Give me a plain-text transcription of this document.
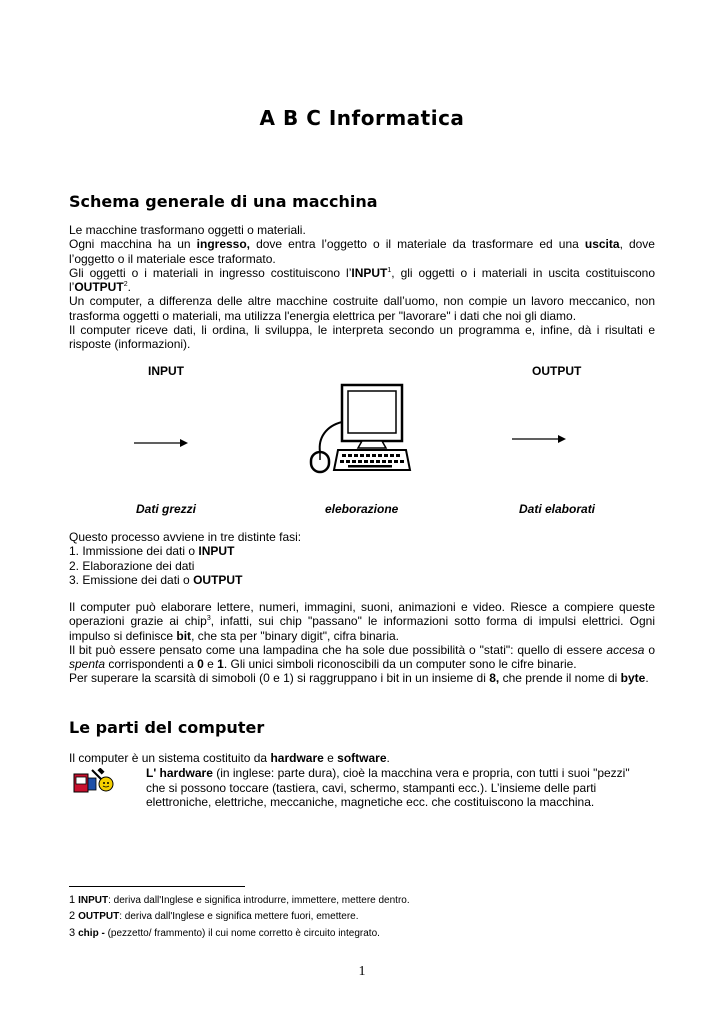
A B C Informatica
Schema generale di una macchina

Le macchine trasformano oggetti o materiali.

Ogni macchina ha un ingresso, dove entra l’oggetto o il materiale da trasformare ed una uscita, dove l’oggetto o il materiale esce traformato.

Gli oggetti o i materiali in ingresso costituiscono l’INPUT$^1$, gli oggetti o i materiali in uscita costituiscono l’OUTPUT$^2$.

Un computer, a differenza delle altre macchine costruite dall’uomo, non compie un lavoro meccanico, non trasforma oggetti o materiali, ma utilizza l'energia elettrica per "lavorare" i dati che noi gli diamo.

Il computer riceve dati, li ordina, li sviluppa, le interpreta secondo un programma e, infine, dà i risultati e risposte (informazioni).

INPUT	OUTPUT
Dati grezzi	eleborazione	Dati elaborati

Questo processo avviene in tre distinte fasi:

1. Immissione dei dati o INPUT

2. Elaborazione dei dati

3. Emissione dei dati o OUTPUT

Il computer può elaborare lettere, numeri, immagini, suoni, animazioni e video. Riesce a compiere queste operazioni grazie ai chip$^3$, infatti, sui chip "passano" le informazioni sotto forma di impulsi elettrici. Ogni impulso si definisce bit, che sta per "binary digit", cifra binaria.

Il bit può essere pensato come una lampadina che ha sole due possibilità o "stati": quello di essere accesa o spenta corrispondenti a 0 e 1. Gli unici simboli riconoscibili da un computer sono le cifre binarie.

Per superare la scarsità di simoboli (0 e 1) si raggruppano i bit in un insieme di 8, che prende il nome di byte.

Le parti del computer

Il computer è un sistema costituito da hardware e software.

L' hardware (in inglese: parte dura), cioè la macchina vera e propria, con tutti i suoi "pezzi" che si possono toccare (tastiera, cavi, schermo, stampanti ecc.). L’insieme delle parti elettroniche, elettriche, meccaniche, magnetiche ecc. che costituiscono la macchina.

1 INPUT: deriva dall'Inglese e significa introdurre, immettere, mettere dentro.
2 OUTPUT: deriva dall'Inglese e significa mettere fuori, emettere.
3 chip - (pezzetto/ frammento) il cui nome corretto è circuito integrato.
1
